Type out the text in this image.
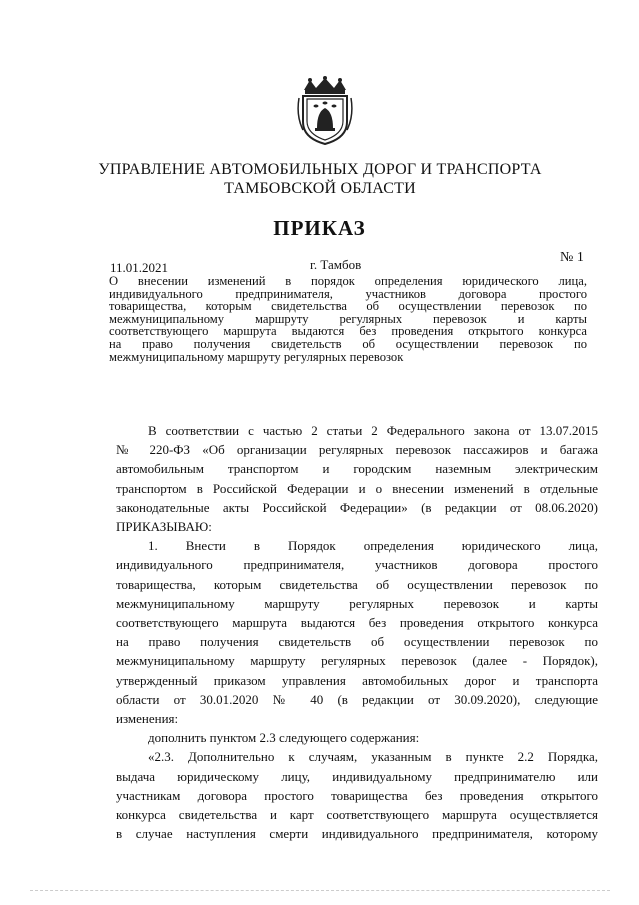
УПРАВЛЕНИЕ АВТОМОБИЛЬНЫХ ДОРОГ И ТРАНСПОРТА
ТАМБОВСКОЙ ОБЛАСТИ
ПРИКАЗ
11.01.2021	г. Тамбов	№ 1
О внесении изменений в порядок определения юридического лица,
индивидуального предпринимателя, участников договора простого
товарищества, которым свидетельства об осуществлении перевозок по
межмуниципальному маршруту регулярных перевозок и карты
соответствующего маршрута выдаются без проведения открытого конкурса
на право получения свидетельств об осуществлении перевозок по
межмуниципальному маршруту регулярных перевозок
В соответствии с частью 2 статьи 2 Федерального закона от 13.07.2015
№ 220-ФЗ «Об организации регулярных перевозок пассажиров и багажа
автомобильным транспортом и городским наземным электрическим
транспортом в Российской Федерации и о внесении изменений в отдельные
законодательные акты Российской Федерации» (в редакции от 08.06.2020)
ПРИКАЗЫВАЮ:
1. Внести в Порядок определения юридического лица,
индивидуального предпринимателя, участников договора простого
товарищества, которым свидетельства об осуществлении перевозок по
межмуниципальному маршруту регулярных перевозок и карты
соответствующего маршрута выдаются без проведения открытого конкурса
на право получения свидетельств об осуществлении перевозок по
межмуниципальному маршруту регулярных перевозок (далее - Порядок),
утвержденный приказом управления автомобильных дорог и транспорта
области от 30.01.2020 № 40 (в редакции от 30.09.2020), следующие
изменения:
дополнить пунктом 2.3 следующего содержания:
«2.3. Дополнительно к случаям, указанным в пункте 2.2 Порядка,
выдача юридическому лицу, индивидуальному предпринимателю или
участникам договора простого товарищества без проведения открытого
конкурса свидетельства и карт соответствующего маршрута осуществляется
в случае наступления смерти индивидуального предпринимателя, которому
